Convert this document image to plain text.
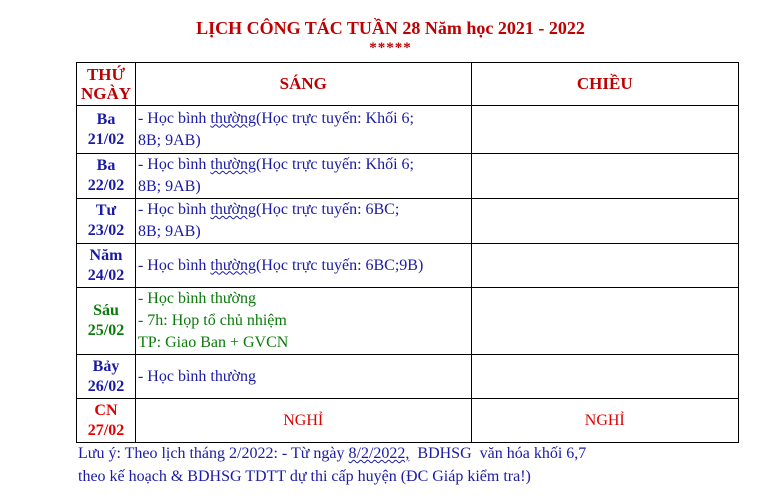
LỊCH CÔNG TÁC TUẦN 28 Năm học 2021 - 2022
*****
THỨ
NGÀY	SÁNG	CHIỀU
Ba
21/02	- Học bình thường(Học trực tuyến: Khối 6;
8B; 9AB)	
Ba
22/02	- Học bình thường(Học trực tuyến: Khối 6;
8B; 9AB)	
Tư
23/02	- Học bình thường(Học trực tuyến: 6BC;
8B; 9AB)	
Năm
24/02	- Học bình thường(Học trực tuyến: 6BC;9B)	
Sáu
25/02	- Học bình thường
- 7h: Họp tổ chủ nhiệm
TP: Giao Ban + GVCN	
Bảy
26/02	- Học bình thường	
CN
27/02	NGHỈ	NGHỈ
Lưu ý: Theo lịch tháng 2/2022: - Từ ngày 8/2/2022,  BDHSG  văn hóa khối 6,7
theo kế hoạch & BDHSG TDTT dự thi cấp huyện (ĐC Giáp kiểm tra!)
